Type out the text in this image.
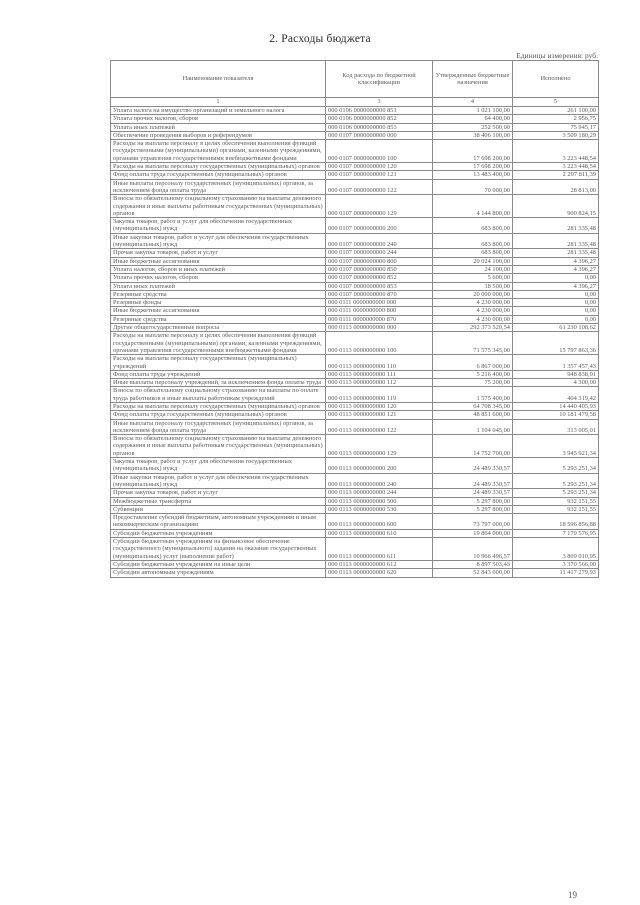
2. Расходы бюджета
Единицы измерения: руб.
Наименование показателя	Код расхода по бюджетной классификации	Утвержденные бюджетные назначения	Исполнено
1	3	4	5
Уплата налога на имущество организаций и земельного налога	000 0106 0000000000 851	1 021 100,00	261 100,00
Уплата прочих налогов, сборов	000 0106 0000000000 852	64 400,00	2 956,75
Уплата иных платежей	000 0106 0000000000 853	252 500,00	75 945,17
Обеспечение проведения выборов и референдумов	000 0107 0000000000 000	38 406 100,00	3 509 180,29
Расходы на выплаты персоналу в целях обеспечения выполнения функций государственными (муниципальными) органами, казенными учреждениями, органами управления государственными внебюджетными фондами	000 0107 0000000000 100	17 698 200,00	3 223 448,54
Расходы на выплаты персоналу государственных (муниципальных) органов	000 0107 0000000000 120	17 698 200,00	3 223 448,54
Фонд оплаты труда государственных (муниципальных) органов	000 0107 0000000000 121	13 483 400,00	2 297 811,39
Иные выплаты персоналу государственных (муниципальных) органов, за исключением фонда оплаты труда	000 0107 0000000000 122	70 000,00	28 813,00
Взносы по обязательному социальному страхованию на выплаты денежного содержания и иные выплаты работникам государственных (муниципальных) органов	000 0107 0000000000 129	4 144 800,00	900 824,15
Закупка товаров, работ и услуг для обеспечения государственных (муниципальных) нужд	000 0107 0000000000 200	683 800,00	281 335,48
Иные закупки товаров, работ и услуг для обеспечения государственных (муниципальных) нужд	000 0107 0000000000 240	683 800,00	281 335,48
Прочая закупка товаров, работ и услуг	000 0107 0000000000 244	683 800,00	281 335,48
Иные бюджетные ассигнования	000 0107 0000000000 800	20 024 100,00	4 396,27
Уплата налогов, сборов и иных платежей	000 0107 0000000000 850	24 100,00	4 396,27
Уплата прочих налогов, сборов	000 0107 0000000000 852	5 600,00	0,00
Уплата иных платежей	000 0107 0000000000 853	18 500,00	4 396,27
Резервные средства	000 0107 0000000000 870	20 000 000,00	0,00
Резервные фонды	000 0111 0000000000 000	4 230 000,00	0,00
Иные бюджетные ассигнования	000 0111 0000000000 800	4 230 000,00	0,00
Резервные средства	000 0111 0000000000 870	4 230 000,00	0,00
Другие общегосударственные вопросы	000 0113 0000000000 000	292 373 520,54	61 230 108,62
Расходы на выплаты персоналу в целях обеспечения выполнения функций государственными (муниципальными) органами, казенными учреждениями, органами управления государственными внебюджетными фондами	000 0113 0000000000 100	71 575 345,00	15 797 863,36
Расходы на выплаты персоналу государственных (муниципальных) учреждений	000 0113 0000000000 110	6 867 000,00	1 357 457,43
Фонд оплаты труда учреждений	000 0113 0000000000 111	5 216 400,00	948 838,01
Иные выплаты персоналу учреждений, за исключением фонда оплаты труда	000 0113 0000000000 112	75 200,00	4 300,00
Взносы по обязательному социальному страхованию на выплаты по оплате труда работников и иные выплаты работникам учреждений	000 0113 0000000000 119	1 575 400,00	404 319,42
Расходы на выплаты персоналу государственных (муниципальных) органов	000 0113 0000000000 120	64 708 345,00	14 440 405,93
Фонд оплаты труда государственных (муниципальных) органов	000 0113 0000000000 121	48 851 600,00	10 181 479,58
Иные выплаты персоналу государственных (муниципальных) органов, за исключением фонда оплаты труда	000 0113 0000000000 122	1 104 045,00	313 005,01
Взносы по обязательному социальному страхованию на выплаты денежного содержания и иные выплаты работникам государственных (муниципальных) органов	000 0113 0000000000 129	14 752 700,00	3 945 921,34
Закупка товаров, работ и услуг для обеспечения государственных (муниципальных) нужд	000 0113 0000000000 200	24 489 330,57	5 293 251,34
Иные закупки товаров, работ и услуг для обеспечения государственных (муниципальных) нужд	000 0113 0000000000 240	24 489 330,57	5 293 251,34
Прочая закупка товаров, работ и услуг	000 0113 0000000000 244	24 489 330,57	5 293 251,34
Межбюджетные трансферты	000 0113 0000000000 500	5 297 800,00	932 151,55
Субвенции	000 0113 0000000000 530	5 297 800,00	932 151,55
Предоставление субсидий бюджетным, автономным учреждениям и иным некоммерческим организациям	000 0113 0000000000 600	73 797 000,00	18 596 856,88
Субсидии бюджетным учреждениям	000 0113 0000000000 610	19 864 000,00	7 179 576,95
Субсидии бюджетным учреждениям на финансовое обеспечение государственного (муниципального) задания на оказание государственных (муниципальных) услуг (выполнение работ)	000 0113 0000000000 611	10 966 496,57	3 809 010,95
Субсидии бюджетным учреждениям на иные цели	000 0113 0000000000 612	8 897 503,43	3 370 566,00
Субсидии автономным учреждениям	000 0113 0000000000 620	52 843 000,00	11 417 279,93
19
